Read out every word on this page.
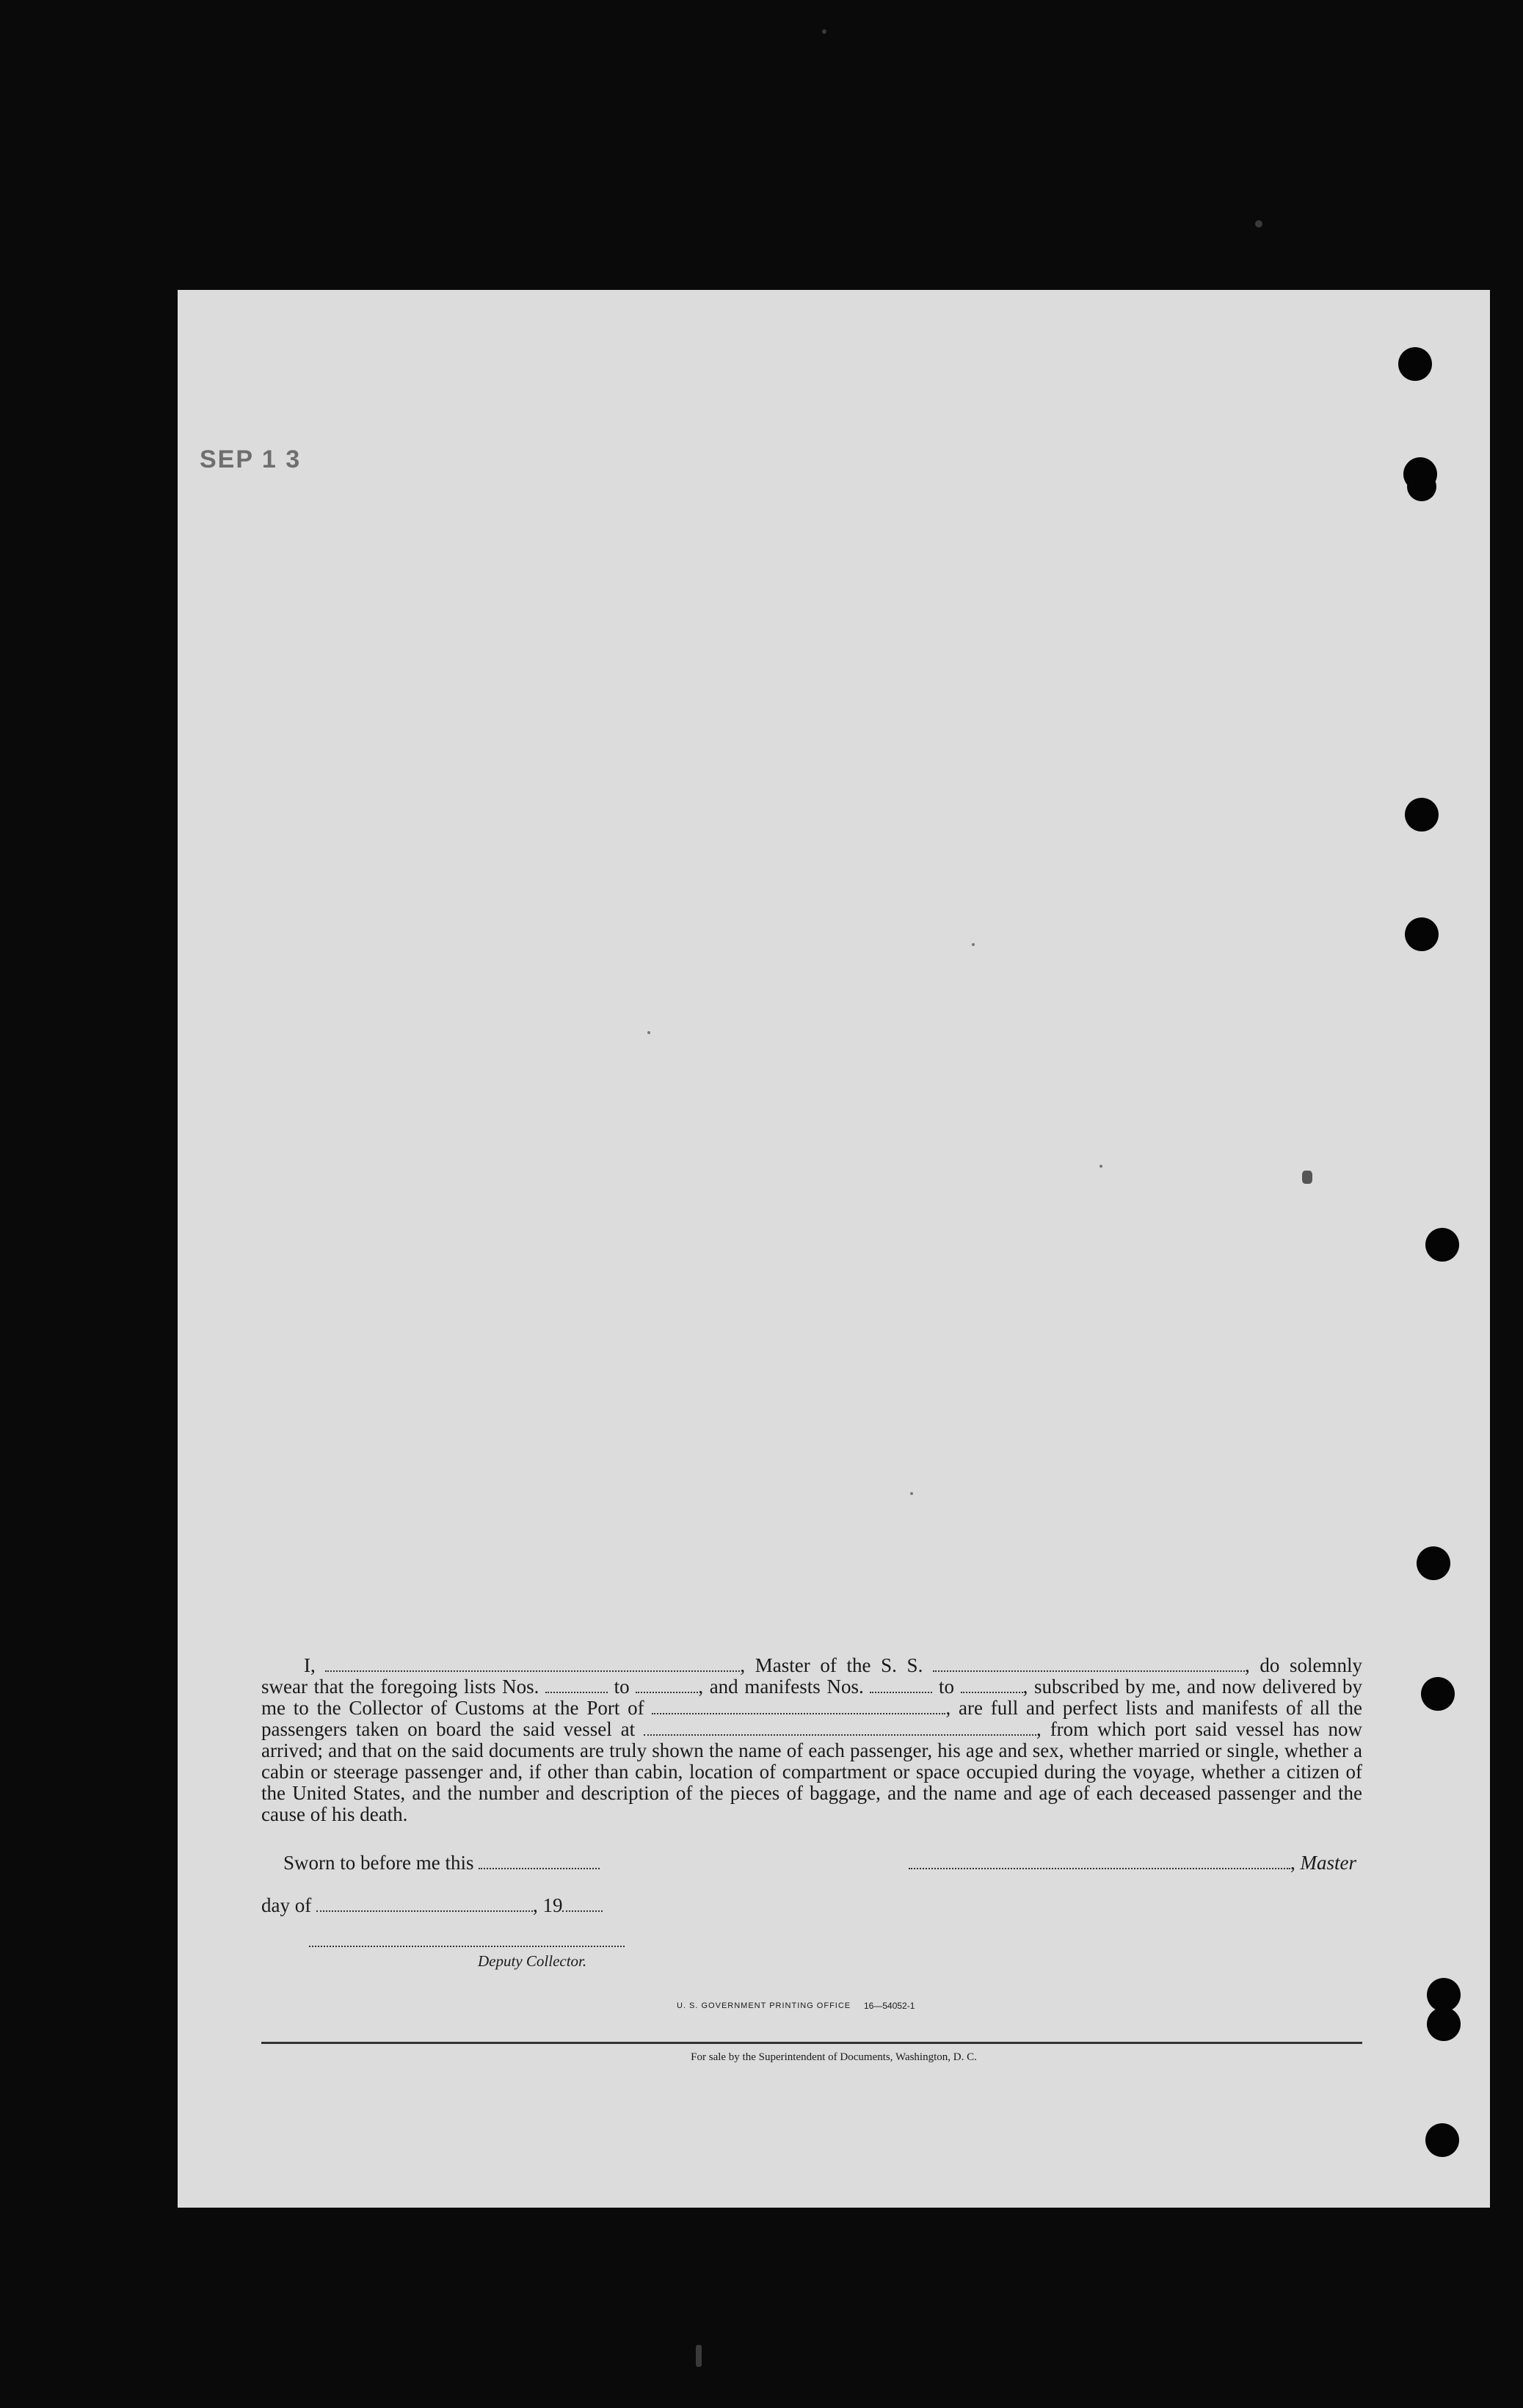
SEP 1 3

I,	, Master of the S. S.	, do solemnly swear that the foregoing lists Nos.	to	, and manifests Nos.	to	, subscribed by me, and now delivered by me to the Collector of Customs at the Port of	, are full and perfect lists and manifests of all the passengers taken on board the said vessel at	, from which port said vessel has now arrived; and that on the said documents are truly shown the name of each passenger, his age and sex, whether married or single, whether a cabin or steerage passenger and, if other than cabin, location of compartment or space occupied during the voyage, whether a citizen of the United States, and the number and description of the pieces of baggage, and the name and age of each deceased passenger and the cause of his death.

Sworn to before me this	, Master
day of	, 19
Deputy Collector.
U. S. GOVERNMENT PRINTING OFFICE 16—54052-1
For sale by the Superintendent of Documents, Washington, D. C.
